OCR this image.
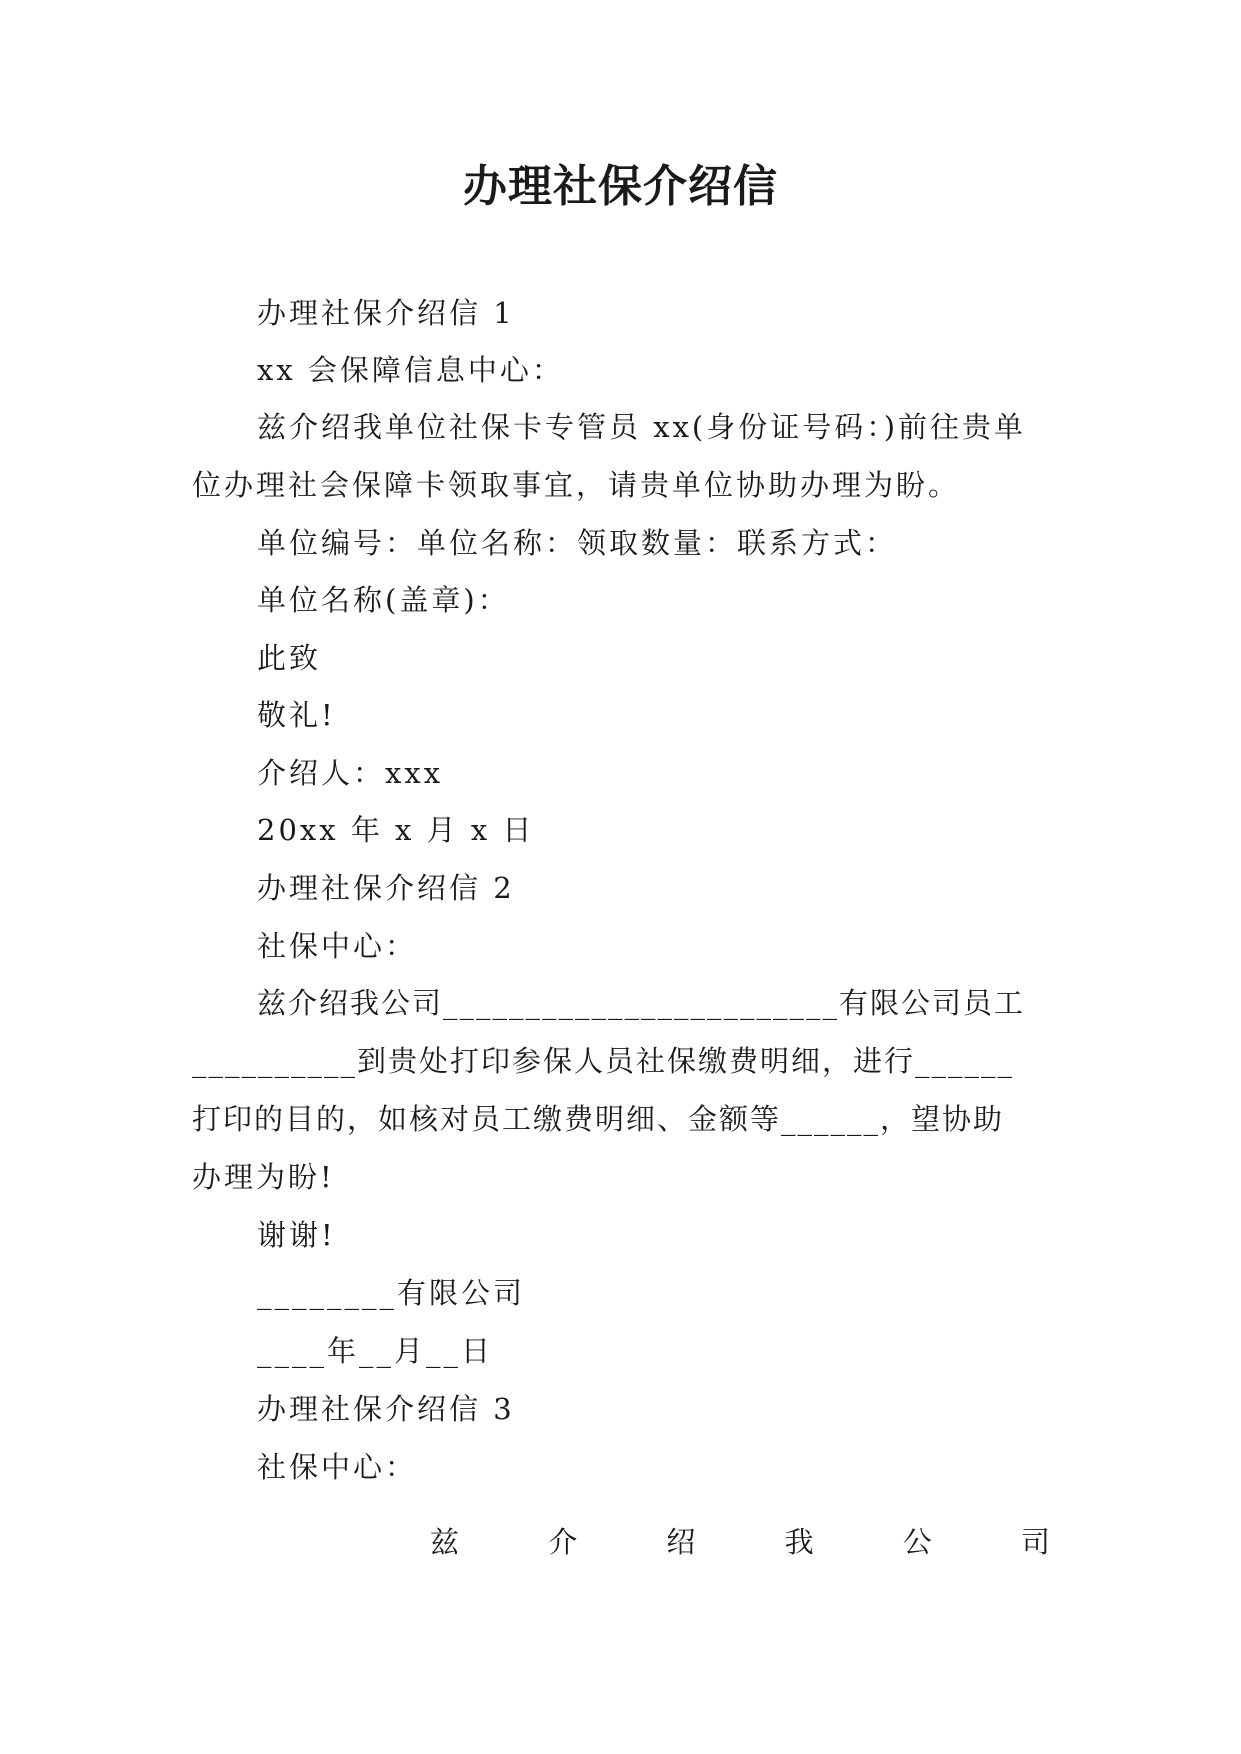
办理社保介绍信
办理社保介绍信 1
xx 会保障信息中心：
兹介绍我单位社保卡专管员 xx(身份证号码：)前往贵单
位办理社会保障卡领取事宜，请贵单位协助办理为盼。
单位编号：单位名称：领取数量：联系方式：
单位名称(盖章)：
此致
敬礼!
介绍人：xxx
20xx 年 x 月 x 日
办理社保介绍信 2
社保中心：
兹介绍我公司________________________有限公司员工
__________到贵处打印参保人员社保缴费明细，进行______
打印的目的，如核对员工缴费明细、金额等______，望协助
办理为盼!
谢谢!
________有限公司
____年__月__日
办理社保介绍信 3
社保中心：
兹	介	绍	我	公	司
